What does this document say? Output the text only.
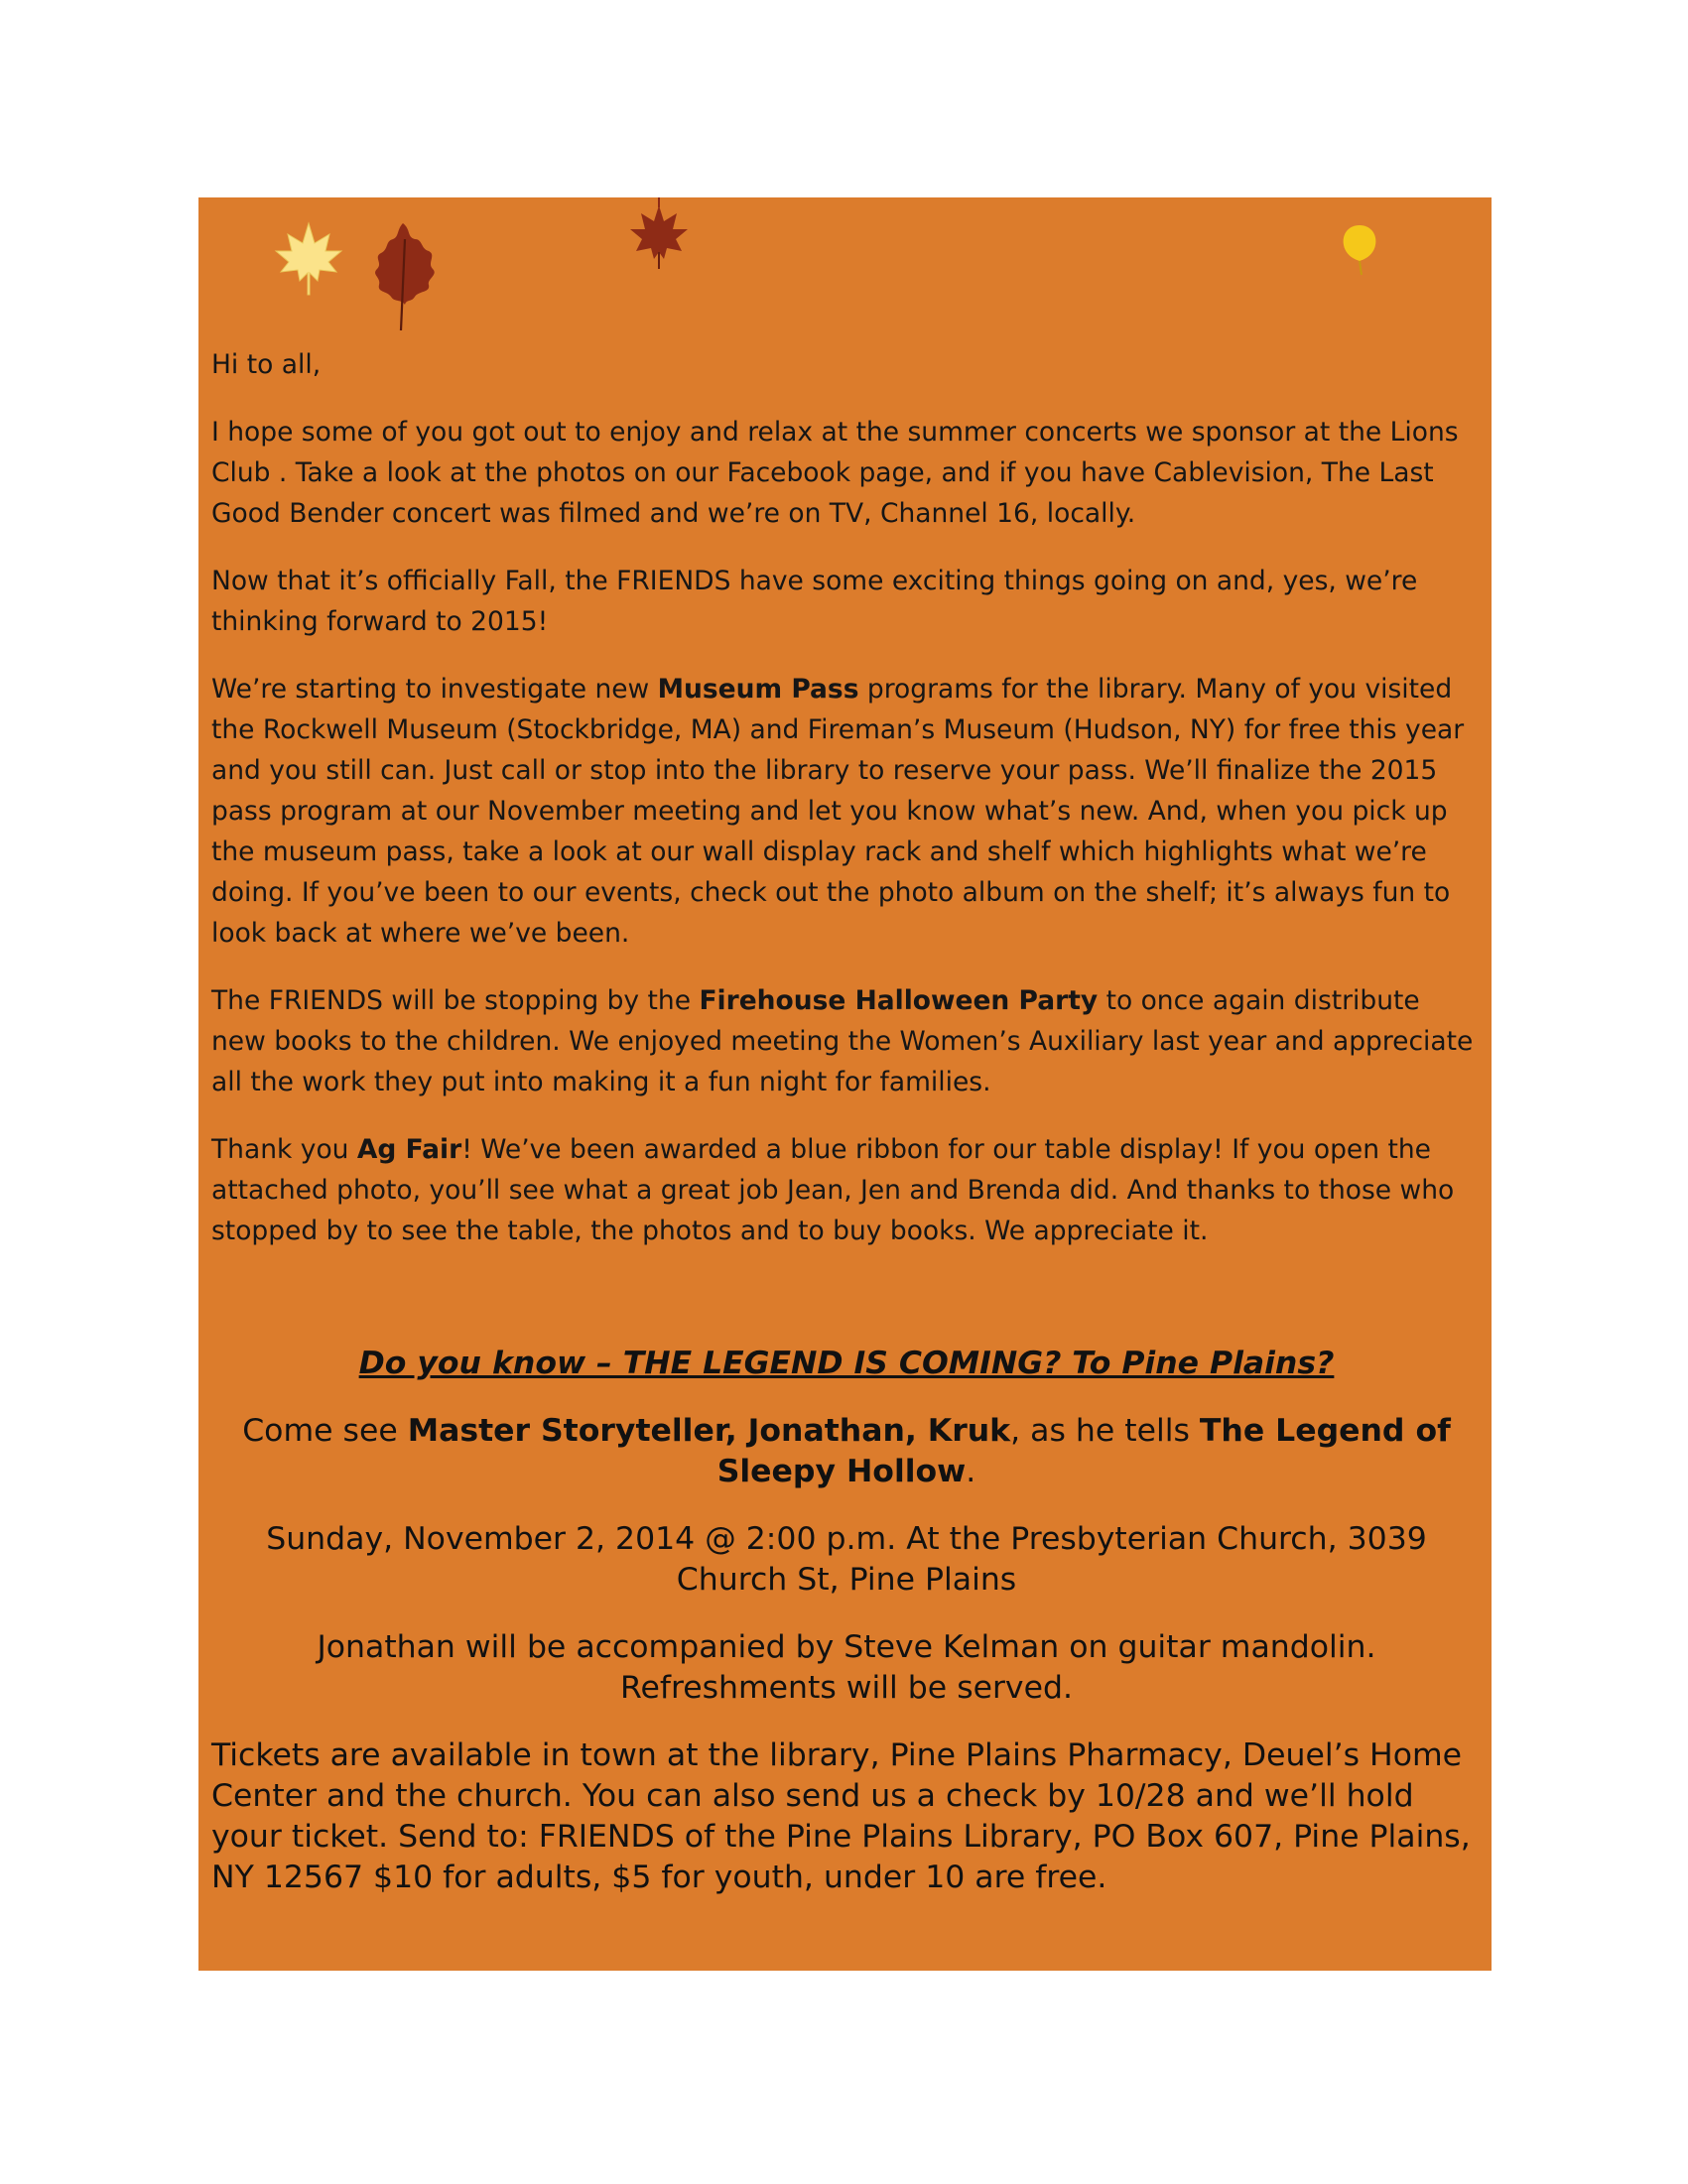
Hi to all,

I hope some of you got out to enjoy and relax at the summer concerts we sponsor at the Lions Club . Take a look at the photos on our Facebook page, and if you have Cablevision, The Last Good Bender concert was filmed and we’re on TV, Channel 16, locally.

Now that it’s officially Fall, the FRIENDS have some exciting things going on and, yes, we’re thinking forward to 2015!

We’re starting to investigate new Museum Pass programs for the library. Many of you visited the Rockwell Museum (Stockbridge, MA) and Fireman’s Museum (Hudson, NY) for free this year and you still can. Just call or stop into the library to reserve your pass. We’ll finalize the 2015 pass program at our November meeting and let you know what’s new. And, when you pick up the museum pass, take a look at our wall display rack and shelf which highlights what we’re doing. If you’ve been to our events, check out the photo album on the shelf; it’s always fun to look back at where we’ve been.

The FRIENDS will be stopping by the Firehouse Halloween Party to once again distribute new books to the children. We enjoyed meeting the Women’s Auxiliary last year and appreciate all the work they put into making it a fun night for families.

Thank you Ag Fair! We’ve been awarded a blue ribbon for our table display! If you open the attached photo, you’ll see what a great job Jean, Jen and Brenda did. And thanks to those who stopped by to see the table, the photos and to buy books. We appreciate it.

Do you know – THE LEGEND IS COMING? To Pine Plains?

Come see Master Storyteller, Jonathan, Kruk, as he tells The Legend of Sleepy Hollow.

Sunday, November 2, 2014 @ 2:00 p.m. At the Presbyterian Church, 3039 Church St, Pine Plains

Jonathan will be accompanied by Steve Kelman on guitar mandolin. Refreshments will be served.

Tickets are available in town at the library, Pine Plains Pharmacy, Deuel’s Home Center and the church. You can also send us a check by 10/28 and we’ll hold your ticket. Send to: FRIENDS of the Pine Plains Library, PO Box 607, Pine Plains, NY 12567 $10 for adults, $5 for youth, under 10 are free.
